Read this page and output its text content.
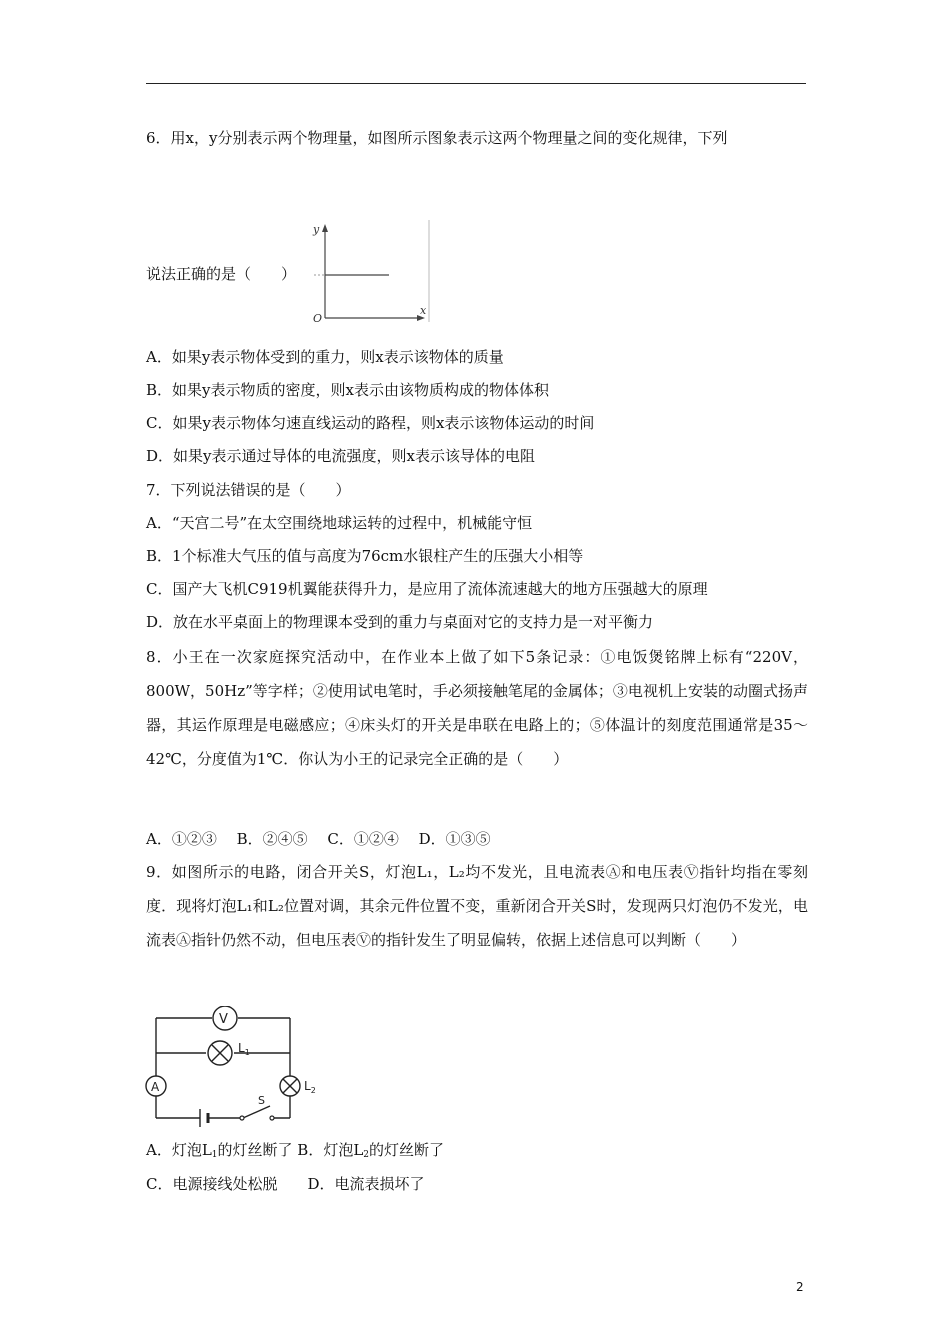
6．用x，y分别表示两个物理量，如图所示图象表示这两个物理量之间的变化规律，下列
说法正确的是（　　）
y
x
O
A．如果y表示物体受到的重力，则x表示该物体的质量
B．如果y表示物质的密度，则x表示由该物质构成的物体体积
C．如果y表示物体匀速直线运动的路程，则x表示该物体运动的时间
D．如果y表示通过导体的电流强度，则x表示该导体的电阻
7．下列说法错误的是（　　）
A．“天宫二号”在太空围绕地球运转的过程中，机械能守恒
B．1个标准大气压的值与高度为76cm水银柱产生的压强大小相等
C．国产大飞机C919机翼能获得升力，是应用了流体流速越大的地方压强越大的原理
D．放在水平桌面上的物理课本受到的重力与桌面对它的支持力是一对平衡力
8．小王在一次家庭探究活动中，在作业本上做了如下5条记录：①电饭煲铭牌上标有“220V，800W，50Hz”等字样；②使用试电笔时，手必须接触笔尾的金属体；③电视机上安装的动圈式扬声器，其运作原理是电磁感应；④床头灯的开关是串联在电路上的；⑤体温计的刻度范围通常是35～42℃，分度值为1℃．你认为小王的记录完全正确的是（　　）
A．①②③　 B．②④⑤　 C．①②④　 D．①③⑤
9．如图所示的电路，闭合开关S，灯泡L₁，L₂均不发光，且电流表Ⓐ和电压表Ⓥ指针均指在零刻度．现将灯泡L₁和L₂位置对调，其余元件位置不变，重新闭合开关S时，发现两只灯泡仍不发光，电流表Ⓐ指针仍然不动，但电压表Ⓥ的指针发生了明显偏转，依据上述信息可以判断（　　）
V
A
$L_1$
$L_2$
S
A．灯泡$L_1$的灯丝断了 B．灯泡$L_2$的灯丝断了
C．电源接线处松脱　　D．电流表损坏了
2
